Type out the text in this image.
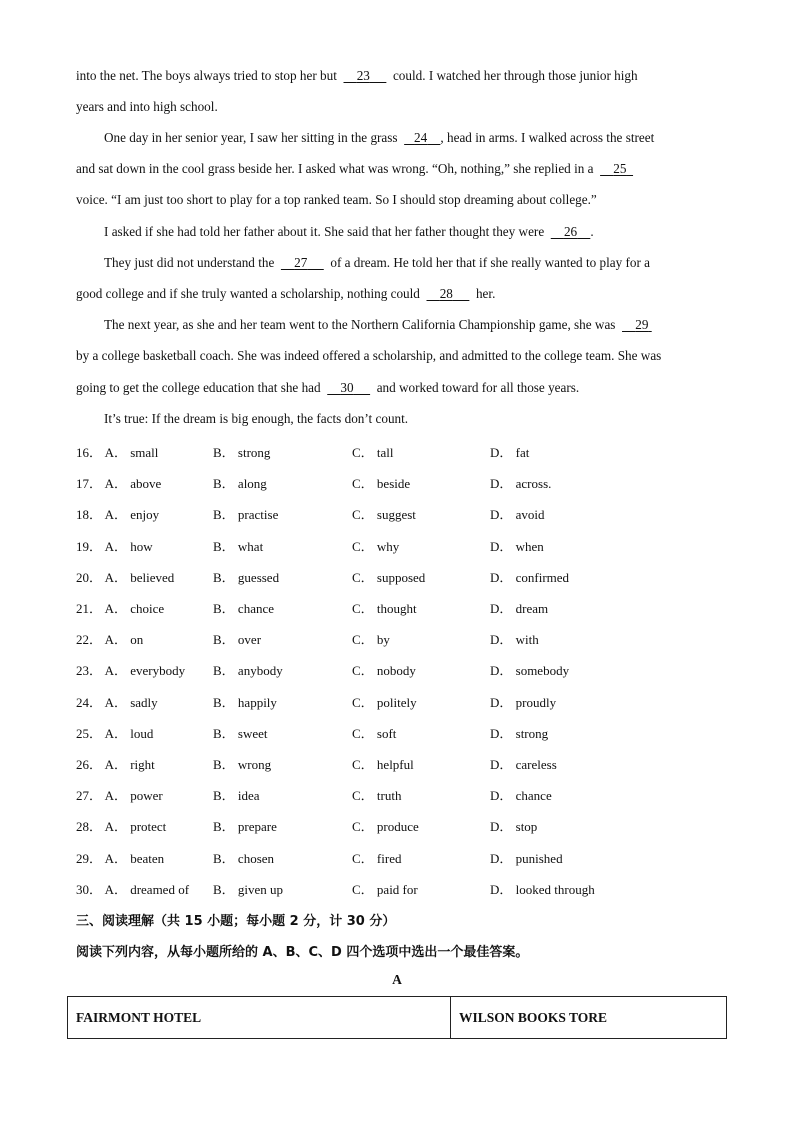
into the net. The boys always tried to stop her but 23 could. I watched her through those junior high
years and into high school.
One day in her senior year, I saw her sitting in the grass 24 , head in arms. I walked across the street
and sat down in the cool grass beside her. I asked what was wrong. “Oh, nothing,” she replied in a 25
voice. “I am just too short to play for a top ranked team. So I should stop dreaming about college.”
I asked if she had told her father about it. She said that her father thought they were 26 .
They just did not understand the 27 of a dream. He told her that if she really wanted to play for a
good college and if she truly wanted a scholarship, nothing could 28 her.
The next year, as she and her team went to the Northern California Championship game, she was 29
by a college basketball coach. She was indeed offered a scholarship, and admitted to the college team. She was
going to get the college education that she had 30 and worked toward for all those years.
It’s true: If the dream is big enough, the facts don’t count.
16． A． small	B． strong	C． tall	D． fat
17． A． above	B． along	C． beside	D． across.
18． A． enjoy	B． practise	C． suggest	D． avoid
19． A． how	B． what	C． why	D． when
20． A． believed	B． guessed	C． supposed	D． confirmed
21． A． choice	B． chance	C． thought	D． dream
22． A． on	B． over	C． by	D． with
23． A． everybody B． anybody	C． nobody	D． somebody
24． A． sadly	B． happily	C． politely	D． proudly
25． A． loud	B． sweet	C． soft	D． strong
26． A． right	B． wrong	C． helpful	D． careless
27． A． power	B． idea	C． truth	D． chance
28． A． protect	B． prepare	C． produce	D． stop
29． A． beaten	B． chosen	C． fired	D． punished
30． A． dreamed of B． given up	C． paid for	D． looked through
三、阅读理解（共 15 小题；每小题 2 分，计 30 分）
阅读下列内容，从每小题所给的 A、B、C、D 四个选项中选出一个最佳答案。
A
FAIRMONT HOTEL	WILSON BOOKS TORE
